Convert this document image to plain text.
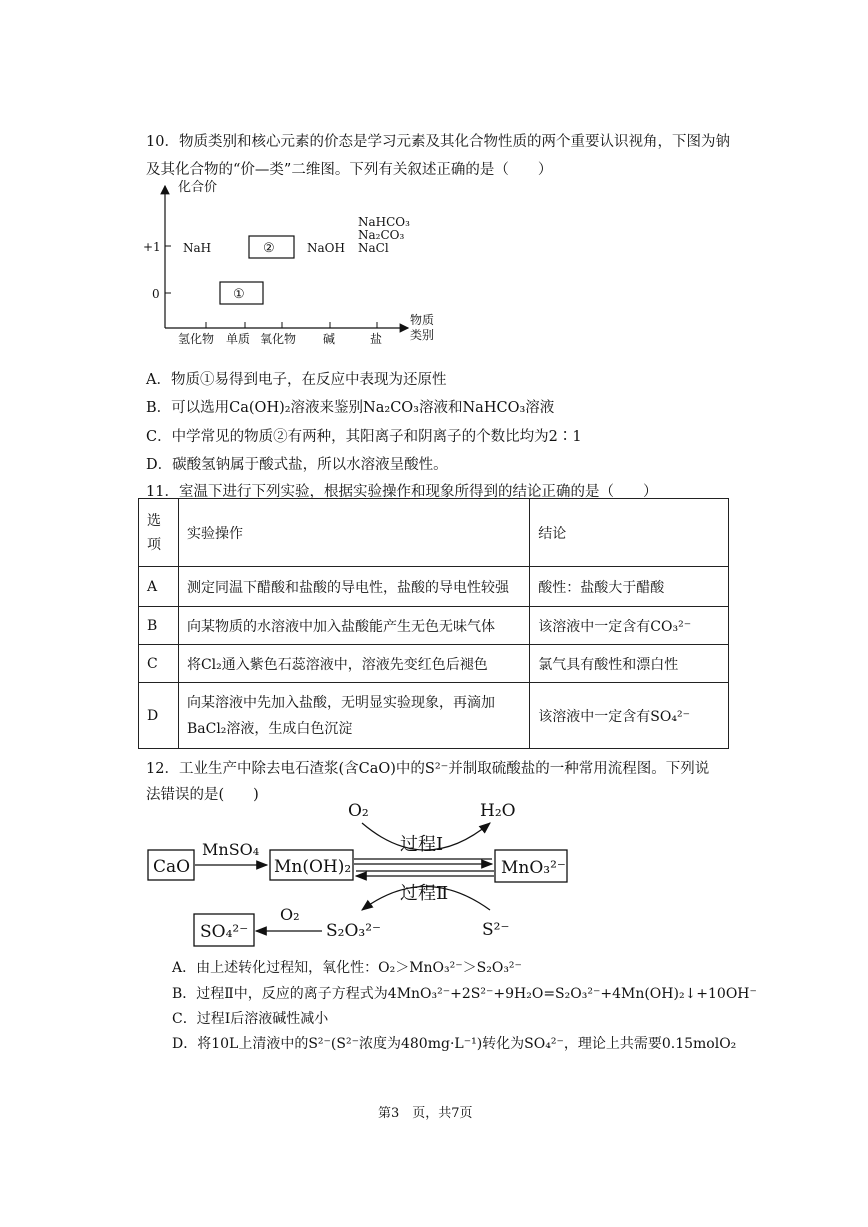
10．物质类别和核心元素的价态是学习元素及其化合物性质的两个重要认识视角，下图为钠
及其化合物的“价—类”二维图。下列有关叙述正确的是（　　）
化合价
物质
类别
+1
0
氢化物 单质 氧化物 碱	盐
NaH	②	NaOH
①
NaHCO₃
Na₂CO₃
NaCl
A．物质①易得到电子，在反应中表现为还原性
B．可以选用Ca(OH)₂溶液来鉴别Na₂CO₃溶液和NaHCO₃溶液
C．中学常见的物质②有两种，其阳离子和阴离子的个数比均为2∶1
D．碳酸氢钠属于酸式盐，所以水溶液呈酸性。
11．室温下进行下列实验，根据实验操作和现象所得到的结论正确的是（　　）
选
项	实验操作	结论
A	测定同温下醋酸和盐酸的导电性，盐酸的导电性较强	酸性：盐酸大于醋酸
B	向某物质的水溶液中加入盐酸能产生无色无味气体	该溶液中一定含有CO₃²⁻
C	将Cl₂通入紫色石蕊溶液中，溶液先变红色后褪色	氯气具有酸性和漂白性
D	向某溶液中先加入盐酸，无明显实验现象，再滴加
BaCl₂溶液，生成白色沉淀	该溶液中一定含有SO₄²⁻
12．工业生产中除去电石渣浆(含CaO)中的S²⁻并制取硫酸盐的一种常用流程图。下列说
法错误的是(　　)
CaO
MnSO₄
Mn(OH)₂	MnO₃²⁻
O₂	H₂O
过程Ⅰ
过程Ⅱ
S²⁻
S₂O₃²⁻
O₂
SO₄²⁻
A．由上述转化过程知，氧化性：O₂＞MnO₃²⁻＞S₂O₃²⁻
B．过程Ⅱ中，反应的离子方程式为4MnO₃²⁻+2S²⁻+9H₂O=S₂O₃²⁻+4Mn(OH)₂↓+10OH⁻
C．过程Ⅰ后溶液碱性减小
D．将10L上清液中的S²⁻(S²⁻浓度为480mg·L⁻¹)转化为SO₄²⁻，理论上共需要0.15molO₂
第3　页，共7页
